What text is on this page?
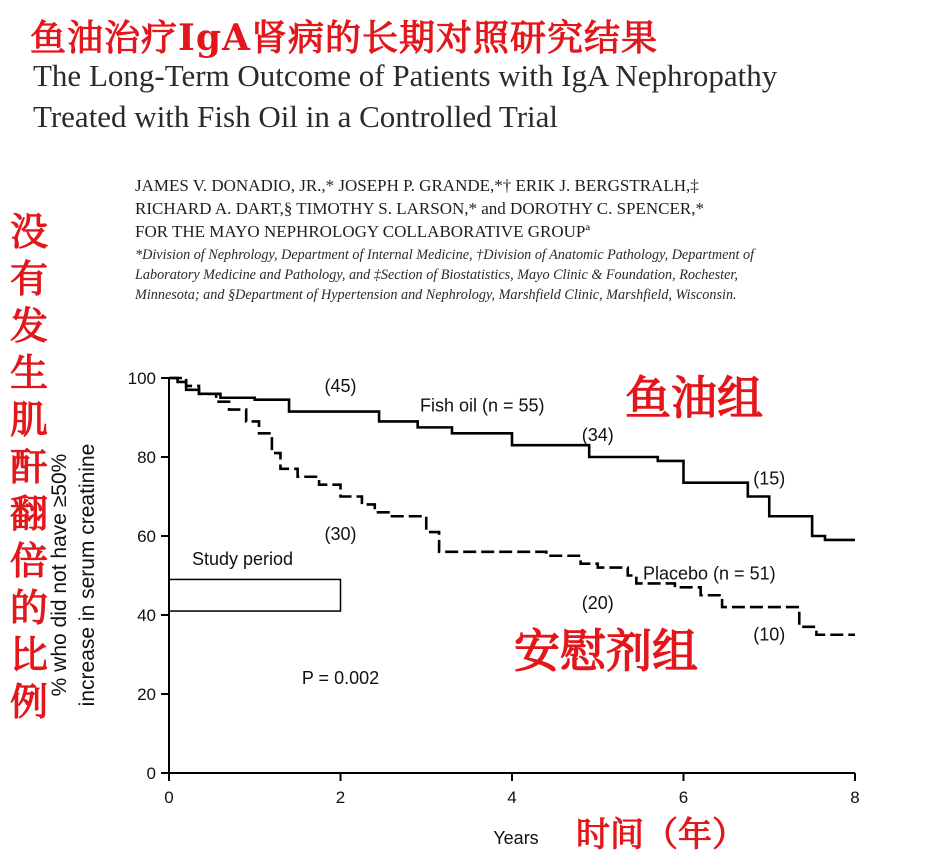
鱼油治疗IgA肾病的长期对照研究结果
The Long-Term Outcome of Patients with IgA Nephropathy
Treated with Fish Oil in a Controlled Trial
JAMES V. DONADIO, JR.,* JOSEPH P. GRANDE,*† ERIK J. BERGSTRALH,‡
RICHARD A. DART,§ TIMOTHY S. LARSON,* and DOROTHY C. SPENCER,*
FOR THE MAYO NEPHROLOGY COLLABORATIVE GROUPª
*Division of Nephrology, Department of Internal Medicine, †Division of Anatomic Pathology, Department of
Laboratory Medicine and Pathology, and ‡Section of Biostatistics, Mayo Clinic & Foundation, Rochester,
Minnesota; and §Department of Hypertension and Nephrology, Marshfield Clinic, Marshfield, Wisconsin.
没有发生肌酐翻倍的比例
0
20
40
60
80
100
0	2	4	6	8
Years
% who did not have ≥50% increase in serum creatinine	Study period
(45)
Fish oil (n = 55)
(34)
(15)
(30)
Placebo (n = 51)
(20)
(10)
P = 0.002
鱼油组
安慰剂组
时间（年）
